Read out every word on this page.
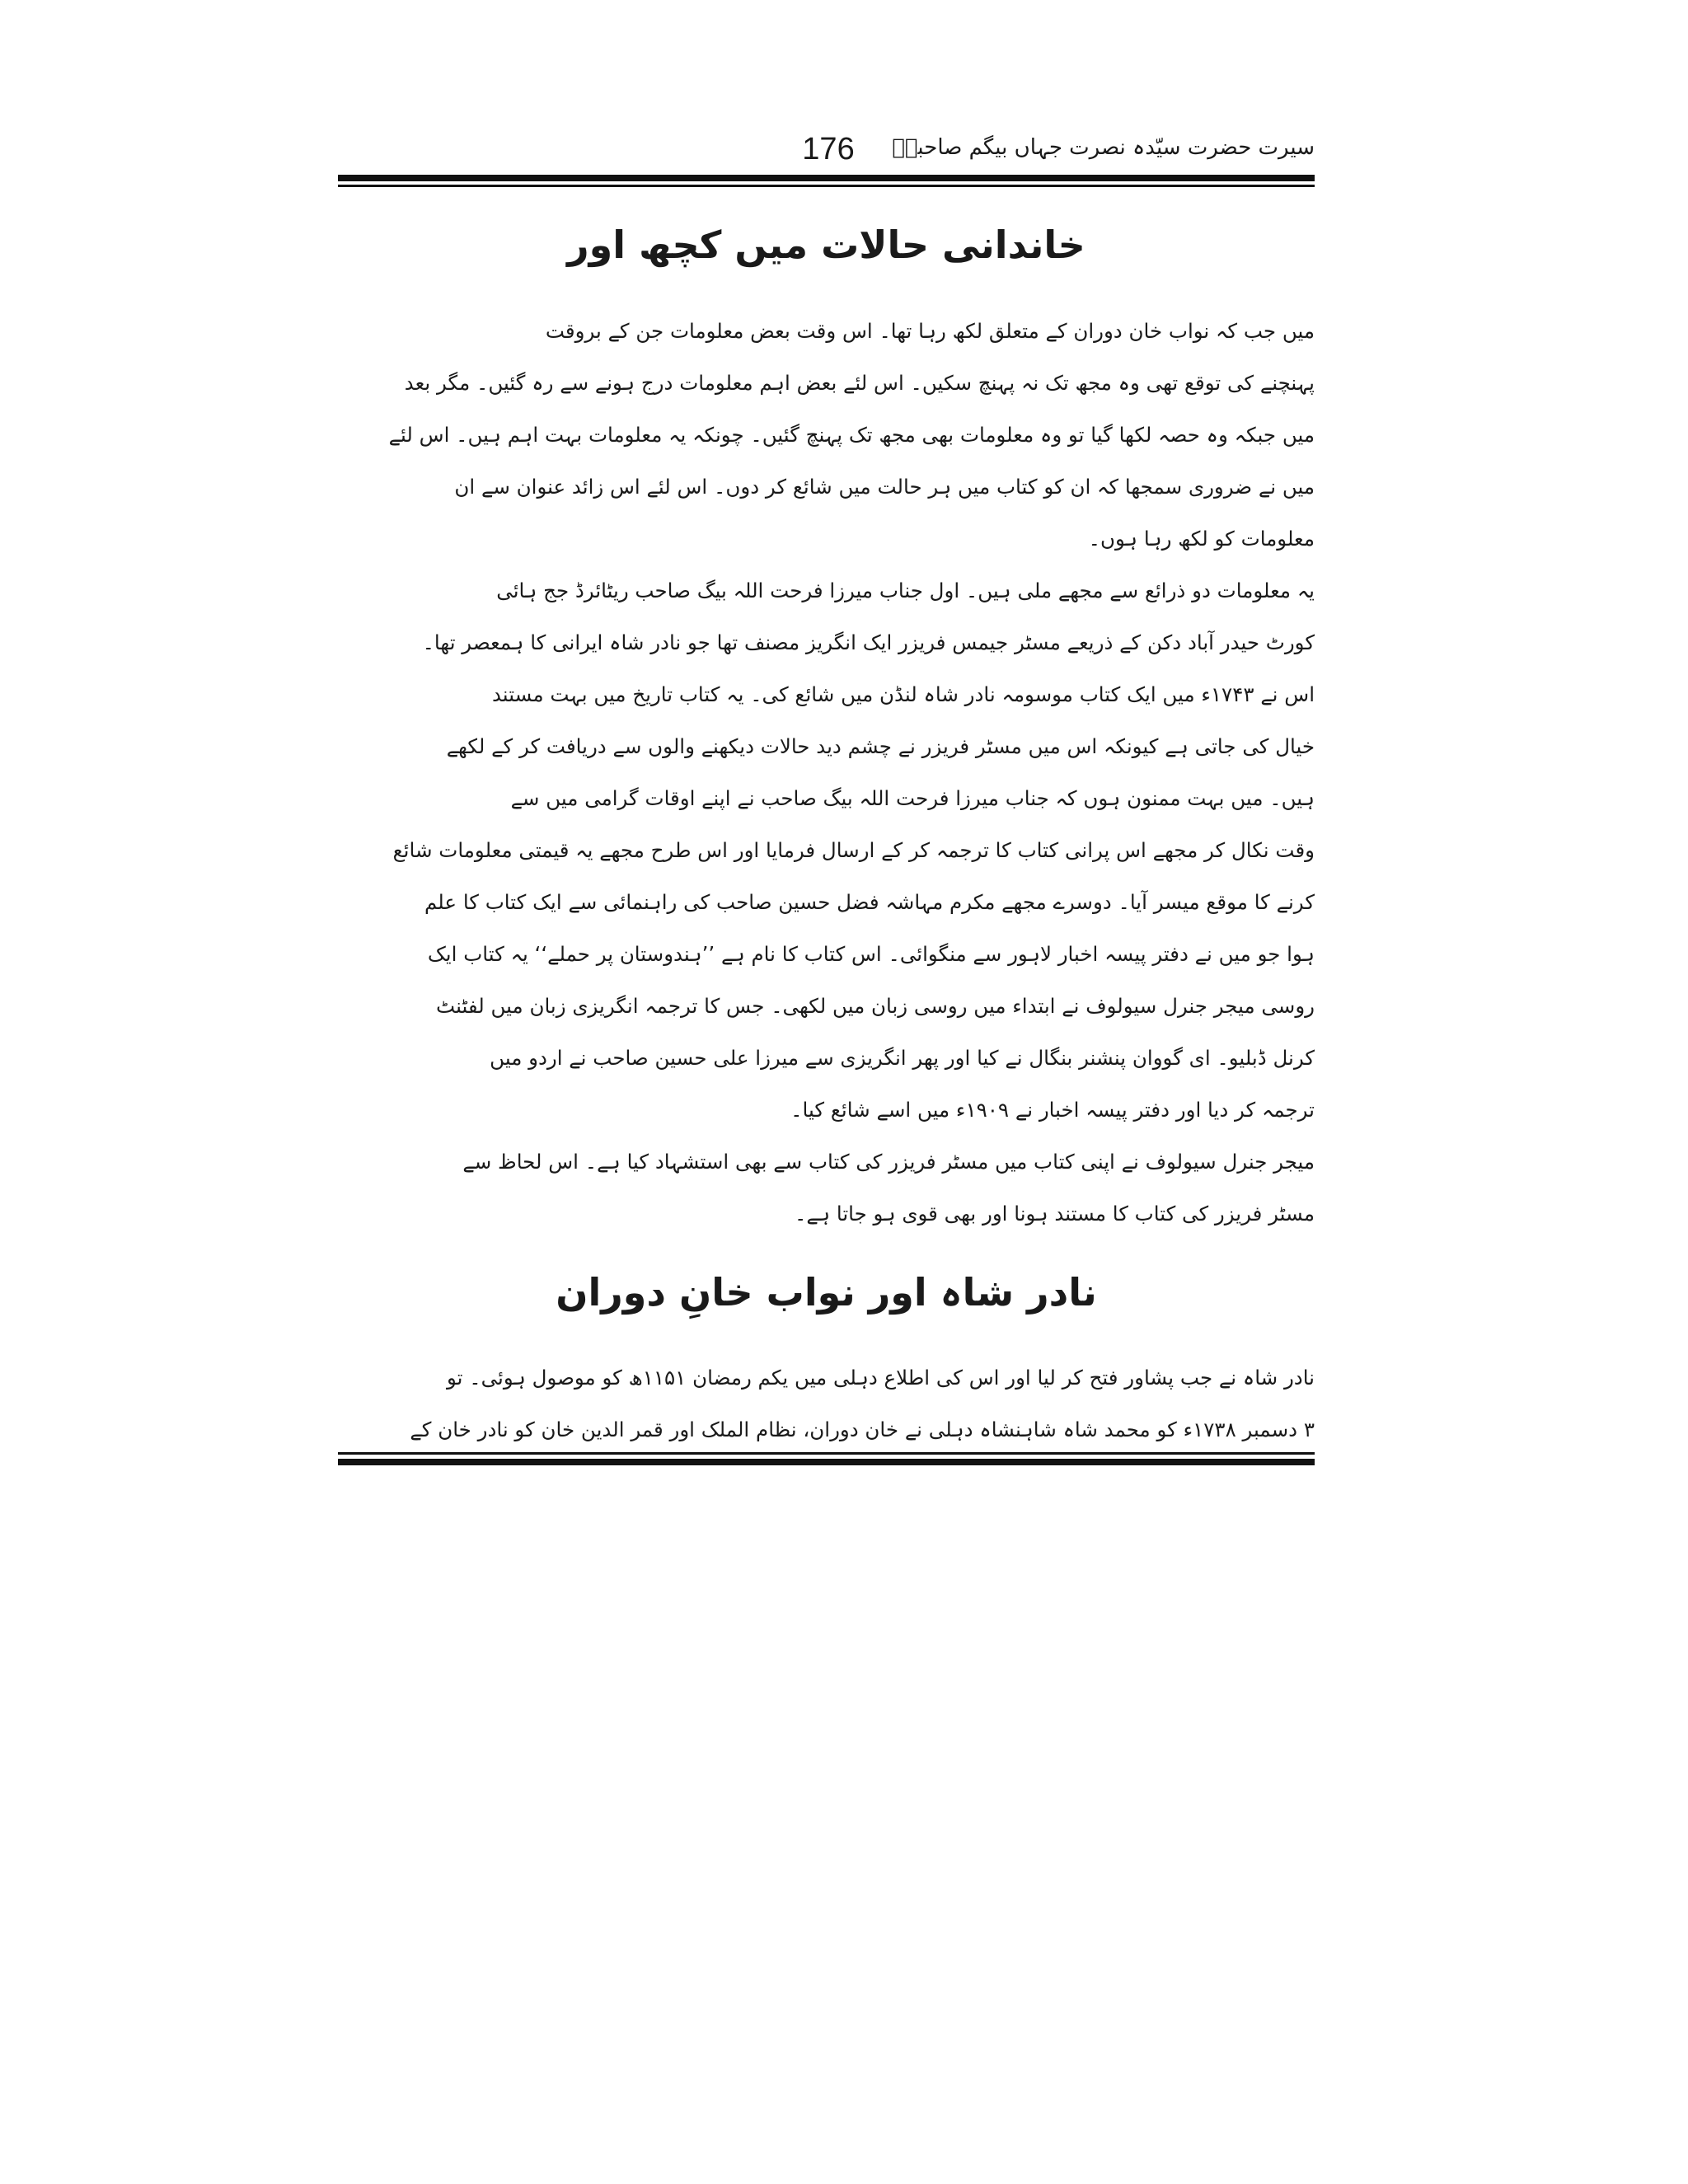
176	سیرت حضرت سیّدہ نصرت جہاں بیگم صاحبہؓ
خاندانی حالات میں کچھ اور
میں جب کہ نواب خان دوران کے متعلق لکھ رہا تھا۔ اس وقت بعض معلومات جن کے بروقت
پہنچنے کی توقع تھی وہ مجھ تک نہ پہنچ سکیں۔ اس لئے بعض اہم معلومات درج ہونے سے رہ گئیں۔ مگر بعد
میں جبکہ وہ حصہ لکھا گیا تو وہ معلومات بھی مجھ تک پہنچ گئیں۔ چونکہ یہ معلومات بہت اہم ہیں۔ اس لئے
میں نے ضروری سمجھا کہ ان کو کتاب میں ہر حالت میں شائع کر دوں۔ اس لئے اس زائد عنوان سے ان
معلومات کو لکھ رہا ہوں۔
یہ معلومات دو ذرائع سے مجھے ملی ہیں۔ اول جناب میرزا فرحت اللہ بیگ صاحب ریٹائرڈ جج ہائی
کورٹ حیدر آباد دکن کے ذریعے مسٹر جیمس فریزر ایک انگریز مصنف تھا جو نادر شاہ ایرانی کا ہمعصر تھا۔
اس نے ۱۷۴۳ء میں ایک کتاب موسومہ نادر شاہ لنڈن میں شائع کی۔ یہ کتاب تاریخ میں بہت مستند
خیال کی جاتی ہے کیونکہ اس میں مسٹر فریزر نے چشم دید حالات دیکھنے والوں سے دریافت کر کے لکھے
ہیں۔ میں بہت ممنون ہوں کہ جناب میرزا فرحت اللہ بیگ صاحب نے اپنے اوقات گرامی میں سے
وقت نکال کر مجھے اس پرانی کتاب کا ترجمہ کر کے ارسال فرمایا اور اس طرح مجھے یہ قیمتی معلومات شائع
کرنے کا موقع میسر آیا۔ دوسرے مجھے مکرم مہاشہ فضل حسین صاحب کی راہنمائی سے ایک کتاب کا علم
ہوا جو میں نے دفتر پیسہ اخبار لاہور سے منگوائی۔ اس کتاب کا نام ہے ’’ہندوستان پر حملے‘‘ یہ کتاب ایک
روسی میجر جنرل سیولوف نے ابتداء میں روسی زبان میں لکھی۔ جس کا ترجمہ انگریزی زبان میں لفٹنٹ
کرنل ڈبلیو۔ ای گووان پنشنر بنگال نے کیا اور پھر انگریزی سے میرزا علی حسین صاحب نے اردو میں
ترجمہ کر دیا اور دفتر پیسہ اخبار نے ۱۹۰۹ء میں اسے شائع کیا۔
میجر جنرل سیولوف نے اپنی کتاب میں مسٹر فریزر کی کتاب سے بھی استشہاد کیا ہے۔ اس لحاظ سے
مسٹر فریزر کی کتاب کا مستند ہونا اور بھی قوی ہو جاتا ہے۔
نادر شاہ اور نواب خانِ دوران
نادر شاہ نے جب پشاور فتح کر لیا اور اس کی اطلاع دہلی میں یکم رمضان ۱۱۵۱ھ کو موصول ہوئی۔ تو
۳ دسمبر ۱۷۳۸ء کو محمد شاہ شاہنشاہ دہلی نے خان دوران، نظام الملک اور قمر الدین خان کو نادر خان کے
